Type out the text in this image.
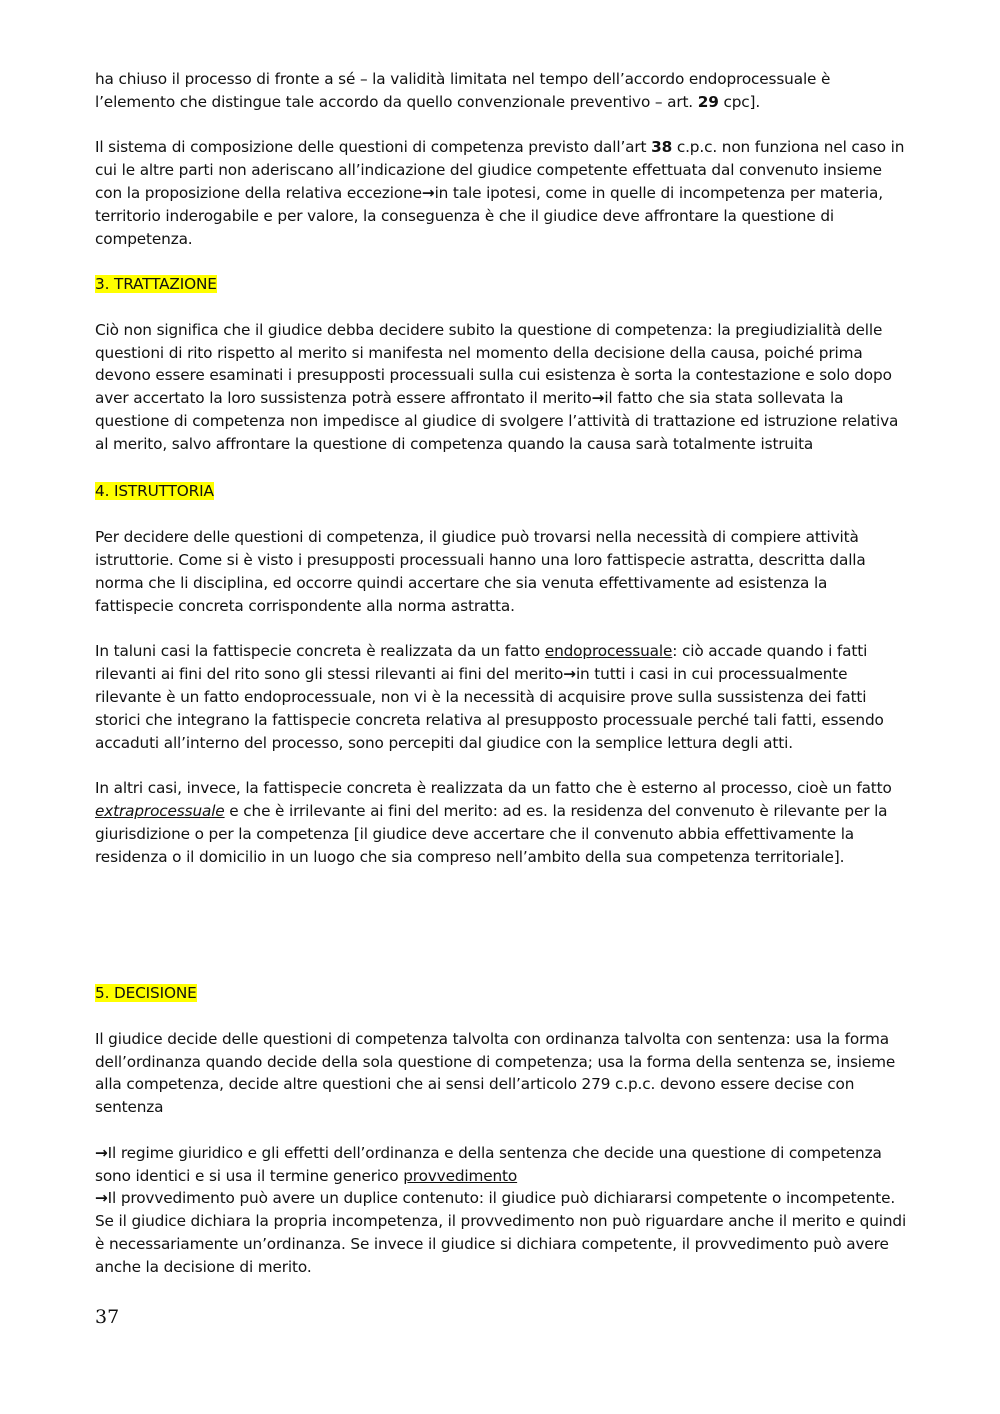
ha chiuso il processo di fronte a sé – la validità limitata nel tempo dell’accordo endoprocessuale è l’elemento che distingue tale accordo da quello convenzionale preventivo – art. 29 cpc].

Il sistema di composizione delle questioni di competenza previsto dall’art 38 c.p.c. non funziona nel caso in cui le altre parti non aderiscano all’indicazione del giudice competente effettuata dal convenuto insieme con la proposizione della relativa eccezione→in tale ipotesi, come in quelle di incompetenza per materia, territorio inderogabile e per valore, la conseguenza è che il giudice deve affrontare la questione di competenza.

3. TRATTAZIONE

Ciò non significa che il giudice debba decidere subito la questione di competenza: la pregiudizialità delle questioni di rito rispetto al merito si manifesta nel momento della decisione della causa, poiché prima devono essere esaminati i presupposti processuali sulla cui esistenza è sorta la contestazione e solo dopo aver accertato la loro sussistenza potrà essere affrontato il merito→il fatto che sia stata sollevata la questione di competenza non impedisce al giudice di svolgere l’attività di trattazione ed istruzione relativa al merito, salvo affrontare la questione di competenza quando la causa sarà totalmente istruita

4. ISTRUTTORIA

Per decidere delle questioni di competenza, il giudice può trovarsi nella necessità di compiere attività istruttorie. Come si è visto i presupposti processuali hanno una loro fattispecie astratta, descritta dalla norma che li disciplina, ed occorre quindi accertare che sia venuta effettivamente ad esistenza la fattispecie concreta corrispondente alla norma astratta.

In taluni casi la fattispecie concreta è realizzata da un fatto endoprocessuale: ciò accade quando i fatti rilevanti ai fini del rito sono gli stessi rilevanti ai fini del merito→in tutti i casi in cui processualmente rilevante è un fatto endoprocessuale, non vi è la necessità di acquisire prove sulla sussistenza dei fatti storici che integrano la fattispecie concreta relativa al presupposto processuale perché tali fatti, essendo accaduti all’interno del processo, sono percepiti dal giudice con la semplice lettura degli atti.

In altri casi, invece, la fattispecie concreta è realizzata da un fatto che è esterno al processo, cioè un fatto extraprocessuale e che è irrilevante ai fini del merito: ad es. la residenza del convenuto è rilevante per la giurisdizione o per la competenza [il giudice deve accertare che il convenuto abbia effettivamente la residenza o il domicilio in un luogo che sia compreso nell’ambito della sua competenza territoriale].

5. DECISIONE

Il giudice decide delle questioni di competenza talvolta con ordinanza talvolta con sentenza: usa la forma dell’ordinanza quando decide della sola questione di competenza; usa la forma della sentenza se, insieme alla competenza, decide altre questioni che ai sensi dell’articolo 279 c.p.c. devono essere decise con sentenza

→Il regime giuridico e gli effetti dell’ordinanza e della sentenza che decide una questione di competenza sono identici e si usa il termine generico provvedimento

→Il provvedimento può avere un duplice contenuto: il giudice può dichiararsi competente o incompetente. Se il giudice dichiara la propria incompetenza, il provvedimento non può riguardare anche il merito e quindi è necessariamente un’ordinanza. Se invece il giudice si dichiara competente, il provvedimento può avere anche la decisione di merito.

37
